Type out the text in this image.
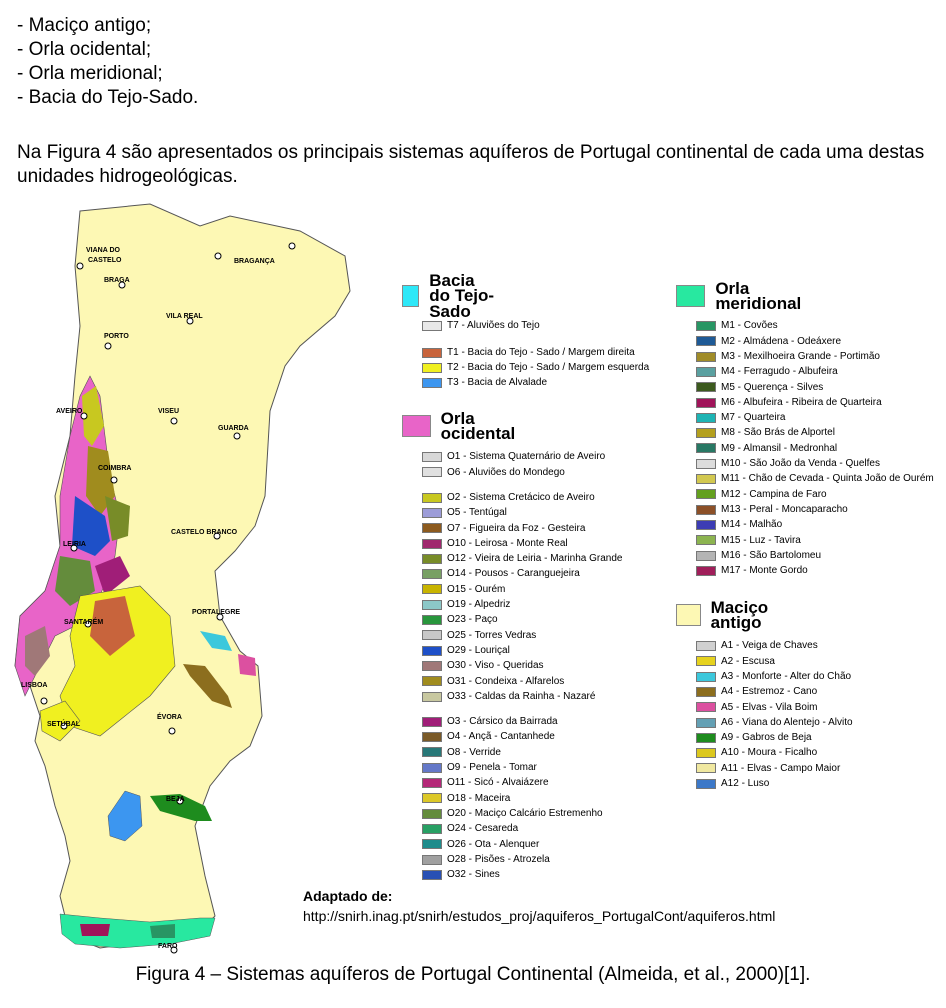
- Maciço antigo;
- Orla ocidental;
- Orla meridional;
- Bacia do Tejo-Sado.
Na Figura 4 são apresentados os principais sistemas aquíferos de Portugal continental de cada uma destas unidades hidrogeológicas.
VIANA DO
CASTELO	BRAGANÇA
BRAGA
VILA REAL
PORTO
AVEIRO	VISEU
GUARDA
COIMBRA
CASTELO BRANCO
LEIRIA
PORTALEGRE
SANTARÉM
LISBOA
SETÚBAL
ÉVORA
BEJA
FARO
Bacia do Tejo-Sado
T7 - Aluviões do Tejo
T1 - Bacia do Tejo - Sado / Margem direita
T2 - Bacia do Tejo - Sado / Margem esquerda
T3 - Bacia de Alvalade
Orla ocidental
O1 - Sistema Quaternário de Aveiro
O6 - Aluviões do Mondego
O2 - Sistema Cretácico de Aveiro
O5 - Tentúgal
O7 - Figueira da Foz - Gesteira
O10 - Leirosa - Monte Real
O12 - Vieira de Leiria - Marinha Grande
O14 - Pousos - Caranguejeira
O15 - Ourém
O19 - Alpedriz
O23 - Paço
O25 - Torres Vedras
O29 - Louriçal
O30 - Viso - Queridas
O31 - Condeixa - Alfarelos
O33 - Caldas da Rainha - Nazaré
O3 - Cársico da Bairrada
O4 - Ançã - Cantanhede
O8 - Verride
O9 - Penela - Tomar
O11 - Sicó - Alvaiázere
O18 - Maceira
O20 - Maciço Calcário Estremenho
O24 - Cesareda
O26 - Ota - Alenquer
O28 - Pisões - Atrozela
O32 - Sines
Orla meridional
M1 - Covões
M2 - Almádena - Odeáxere
M3 - Mexilhoeira Grande - Portimão
M4 - Ferragudo - Albufeira
M5 - Querença - Silves
M6 - Albufeira - Ribeira de Quarteira
M7 - Quarteira
M8 - São Brás de Alportel
M9 - Almansil - Medronhal
M10 - São João da Venda - Quelfes
M11 - Chão de Cevada - Quinta João de Ourém
M12 - Campina de Faro
M13 - Peral - Moncaparacho
M14 - Malhão
M15 - Luz - Tavira
M16 - São Bartolomeu
M17 - Monte Gordo
Maciço antigo
A1 - Veiga de Chaves
A2 - Escusa
A3 - Monforte - Alter do Chão
A4 - Estremoz - Cano
A5 - Elvas - Vila Boim
A6 - Viana do Alentejo - Alvito
A9 - Gabros de Beja
A10 - Moura - Ficalho
A11 - Elvas - Campo Maior
A12 - Luso
Adaptado de:
http://snirh.inag.pt/snirh/estudos_proj/aquiferos_PortugalCont/aquiferos.html
Figura 4 – Sistemas aquíferos de Portugal Continental (Almeida, et al., 2000)[1].
